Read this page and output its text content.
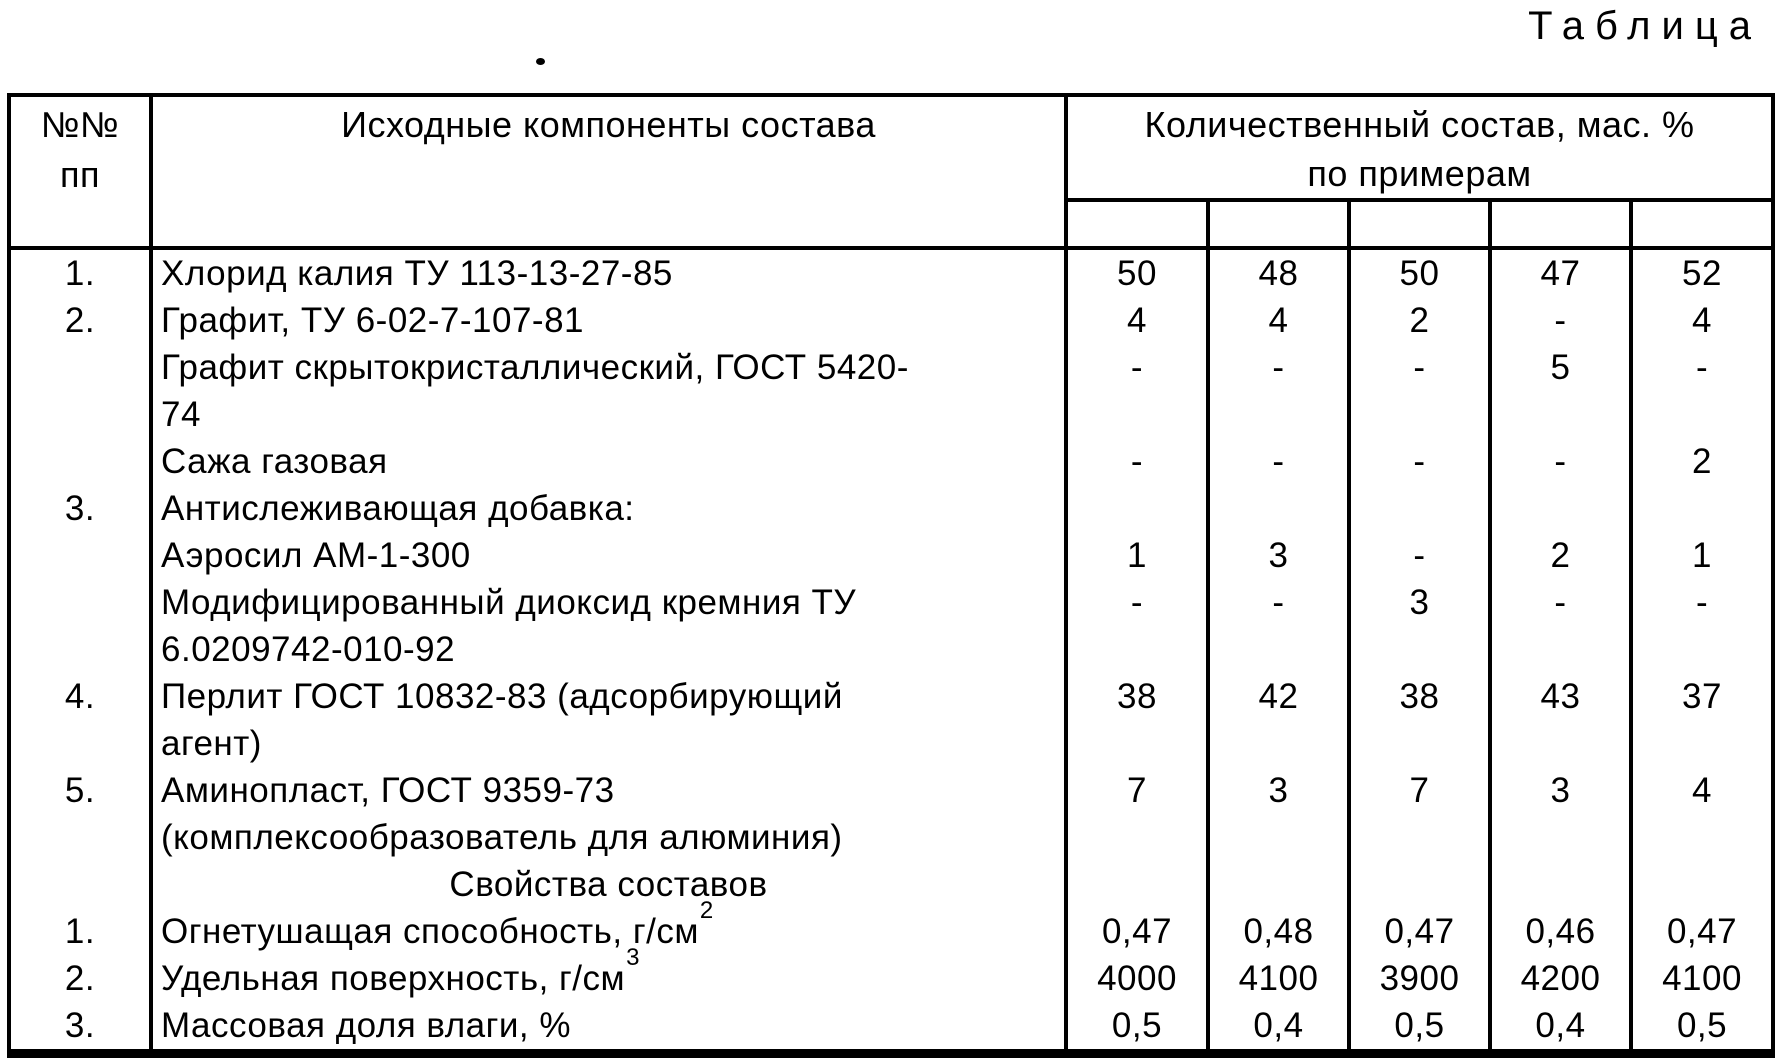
Таблица
№№
пп
	Исходные компоненты состава	Количественный состав, мас. %
по примерам

1.	Хлорид калия ТУ 113-13-27-85	50	48	50	47	52
2.	Графит, ТУ 6-02-7-107-81	4	4	2	-	4
	Графит скрытокристаллический, ГОСТ 5420-	-	-	-	5	-
	74					
	Сажа газовая	-	-	-	-	2
3.	Антислеживающая добавка:					
	Аэросил АМ-1-300	1	3	-	2	1
	Модифицированный диоксид кремния ТУ	-	-	3	-	-
	6.0209742-010-92					
4.	Перлит ГОСТ 10832-83 (адсорбирующий	38	42	38	43	37
	агент)					
5.	Аминопласт, ГОСТ 9359-73	7	3	7	3	4
	(комплексообразователь для алюминия)					
	Свойства составов					
1.	Огнетушащая способность, $г/см^2$	0,47	0,48	0,47	0,46	0,47
2.	Удельная поверхность, $г/см^3$	4000	4100	3900	4200	4100
3.	Массовая доля влаги, %	0,5	0,4	0,5	0,4	0,5
